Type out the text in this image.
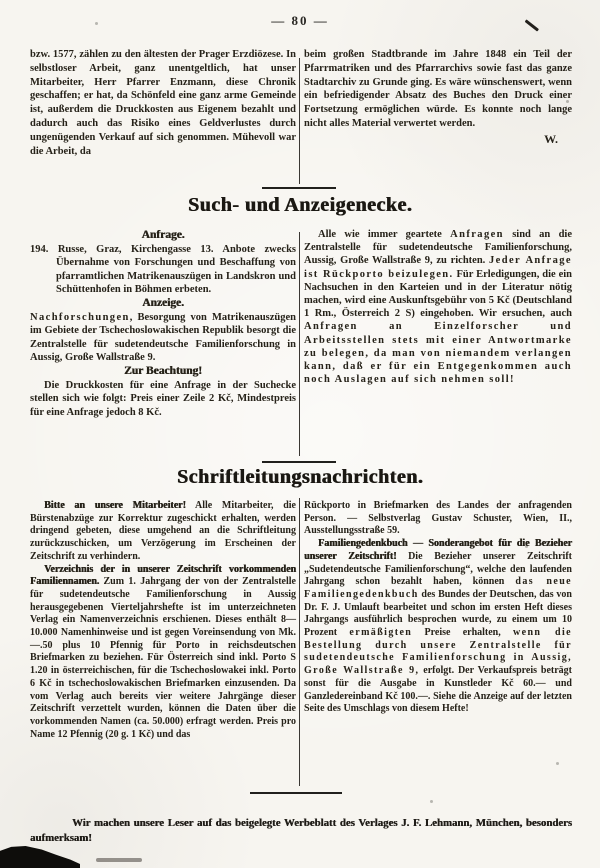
— 80 —

bzw. 1577, zählen zu den ältesten der Prager Erzdiözese. In selbstloser Arbeit, ganz unentgeltlich, hat unser Mitarbeiter, Herr Pfarrer Enzmann, diese Chronik geschaffen; er hat, da Schönfeld eine ganz arme Gemeinde ist, außerdem die Druckkosten aus Eigenem bezahlt und dadurch auch das Risiko eines Geldverlustes durch ungenügenden Verkauf auf sich genommen. Mühevoll war die Arbeit, da

beim großen Stadtbrande im Jahre 1848 ein Teil der Pfarrmatriken und des Pfarrarchivs sowie fast das ganze Stadtarchiv zu Grunde ging. Es wäre wünschenswert, wenn ein befriedigender Absatz des Buches den Druck einer Fortsetzung ermöglichen würde. Es konnte noch lange nicht alles Material verwertet werden.

W.
Such- und Anzeigenecke.

Anfrage.

194. Russe, Graz, Kirchengasse 13. Anbote zwecks Übernahme von Forschungen und Beschaffung von pfarramtlichen Matrikenauszügen in Landskron und Schüttenhofen in Böhmen erbeten.

Anzeige.

Nachforschungen, Besorgung von Matrikenauszügen im Gebiete der Tschechoslowakischen Republik besorgt die Zentralstelle für sudetendeutsche Familienforschung in Aussig, Große Wallstraße 9.

Zur Beachtung!

Die Druckkosten für eine Anfrage in der Suchecke stellen sich wie folgt: Preis einer Zeile 2 Kč, Mindestpreis für eine Anfrage jedoch 8 Kč.

Alle wie immer geartete Anfragen sind an die Zentralstelle für sudetendeutsche Familienforschung, Aussig, Große Wallstraße 9, zu richten. Jeder Anfrage ist Rückporto beizulegen. Für Erledigungen, die ein Nachsuchen in den Karteien und in der Literatur nötig machen, wird eine Auskunftsgebühr von 5 Kč (Deutschland 1 Rm., Österreich 2 S) eingehoben. Wir ersuchen, auch Anfragen an Einzelforscher und Arbeitsstellen stets mit einer Antwortmarke zu belegen, da man von niemandem verlangen kann, daß er für ein Entgegenkommen auch noch Auslagen auf sich nehmen soll!

Schriftleitungsnachrichten.

Bitte an unsere Mitarbeiter! Alle Mitarbeiter, die Bürstenabzüge zur Korrektur zugeschickt erhalten, werden dringend gebeten, diese umgehend an die Schriftleitung zurückzuschicken, um Verzögerung im Erscheinen der Zeitschrift zu verhindern.

Verzeichnis der in unserer Zeitschrift vorkommenden Familiennamen. Zum 1. Jahrgang der von der Zentralstelle für sudetendeutsche Familienforschung in Aussig herausgegebenen Vierteljahrshefte ist im unterzeichneten Verlag ein Namenverzeichnis erschienen. Dieses enthält 8—10.000 Namenhinweise und ist gegen Voreinsendung von Mk. —.50 plus 10 Pfennig für Porto in reichsdeutschen Briefmarken zu beziehen. Für Österreich sind inkl. Porto S 1.20 in österreichischen, für die Tschechoslowakei inkl. Porto 6 Kč in tschechoslowakischen Briefmarken einzusenden. Da vom Verlag auch bereits vier weitere Jahrgänge dieser Zeitschrift verzettelt wurden, können die Daten über die vorkommenden Namen (ca. 50.000) erfragt werden. Preis pro Name 12 Pfennig (20 g. 1 Kč) und das

Rückporto in Briefmarken des Landes der anfragenden Person. — Selbstverlag Gustav Schuster, Wien, II., Ausstellungsstraße 59.

Familiengedenkbuch — Sonderangebot für die Bezieher unserer Zeitschrift! Die Bezieher unserer Zeitschrift „Sudetendeutsche Familienforschung“, welche den laufenden Jahrgang schon bezahlt haben, können das neue Familiengedenkbuch des Bundes der Deutschen, das von Dr. F. J. Umlauft bearbeitet und schon im ersten Heft dieses Jahrgangs ausführlich besprochen wurde, zu einem um 10 Prozent ermäßigten Preise erhalten, wenn die Bestellung durch unsere Zentralstelle für sudetendeutsche Familienforschung in Aussig, Große Wallstraße 9, erfolgt. Der Verkaufspreis beträgt sonst für die Ausgabe in Kunstleder Kč 60.— und Ganzledereinband Kč 100.—. Siehe die Anzeige auf der letzten Seite des Umschlags von diesem Hefte!

Wir machen unsere Leser auf das beigelegte Werbeblatt des Verlages J. F. Lehmann, München, besonders aufmerksam!
